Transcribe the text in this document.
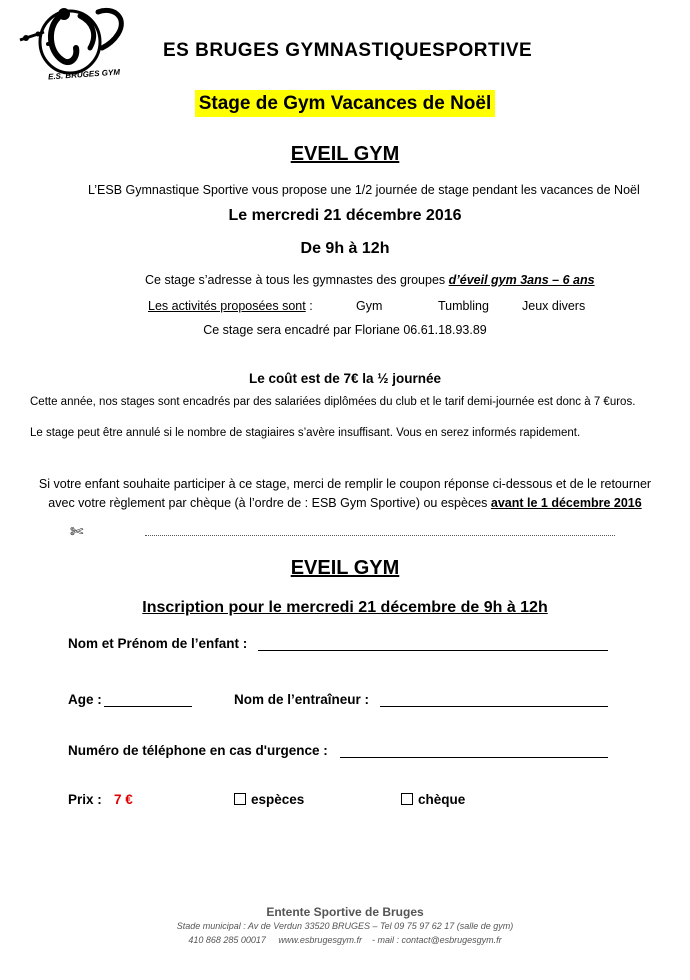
E.S. BRUGES GYM
ES BRUGES GYMNASTIQUESPORTIVE
Stage de Gym Vacances de Noël
EVEIL GYM
L’ESB Gymnastique Sportive vous propose une 1/2 journée de stage pendant les vacances de Noël
Le mercredi 21 décembre 2016
De 9h à 12h
Ce stage s’adresse à tous les gymnastes des groupes d’éveil gym 3ans – 6 ans
Les activités proposées sont :	Gym	Tumbling	Jeux divers
Ce stage sera encadré par Floriane 06.61.18.93.89
Le coût est de 7€ la ½ journée
Cette année, nos stages sont encadrés par des salariées diplômées du club et le tarif demi-journée est donc à 7 €uros.
Le stage peut être annulé si le nombre de stagiaires s’avère insuffisant. Vous en serez informés rapidement.
Si votre enfant souhaite participer à ce stage, merci de remplir le coupon réponse ci-dessous et de le retourner
avec votre règlement par chèque (à l’ordre de : ESB Gym Sportive) ou espèces avant le 1 décembre 2016
✄
EVEIL GYM
Inscription pour le mercredi 21 décembre de 9h à 12h
Nom et Prénom de l’enfant :
Age :	Nom de l’entraîneur :
Numéro de téléphone en cas d'urgence :
Prix : 7 €	espèces	chèque
Entente Sportive de Bruges
Stade municipal : Av de Verdun 33520 BRUGES – Tel 09 75 97 62 17 (salle de gym)
410 868 285 00017 www.esbrugesgym.fr - mail : contact@esbrugesgym.fr
